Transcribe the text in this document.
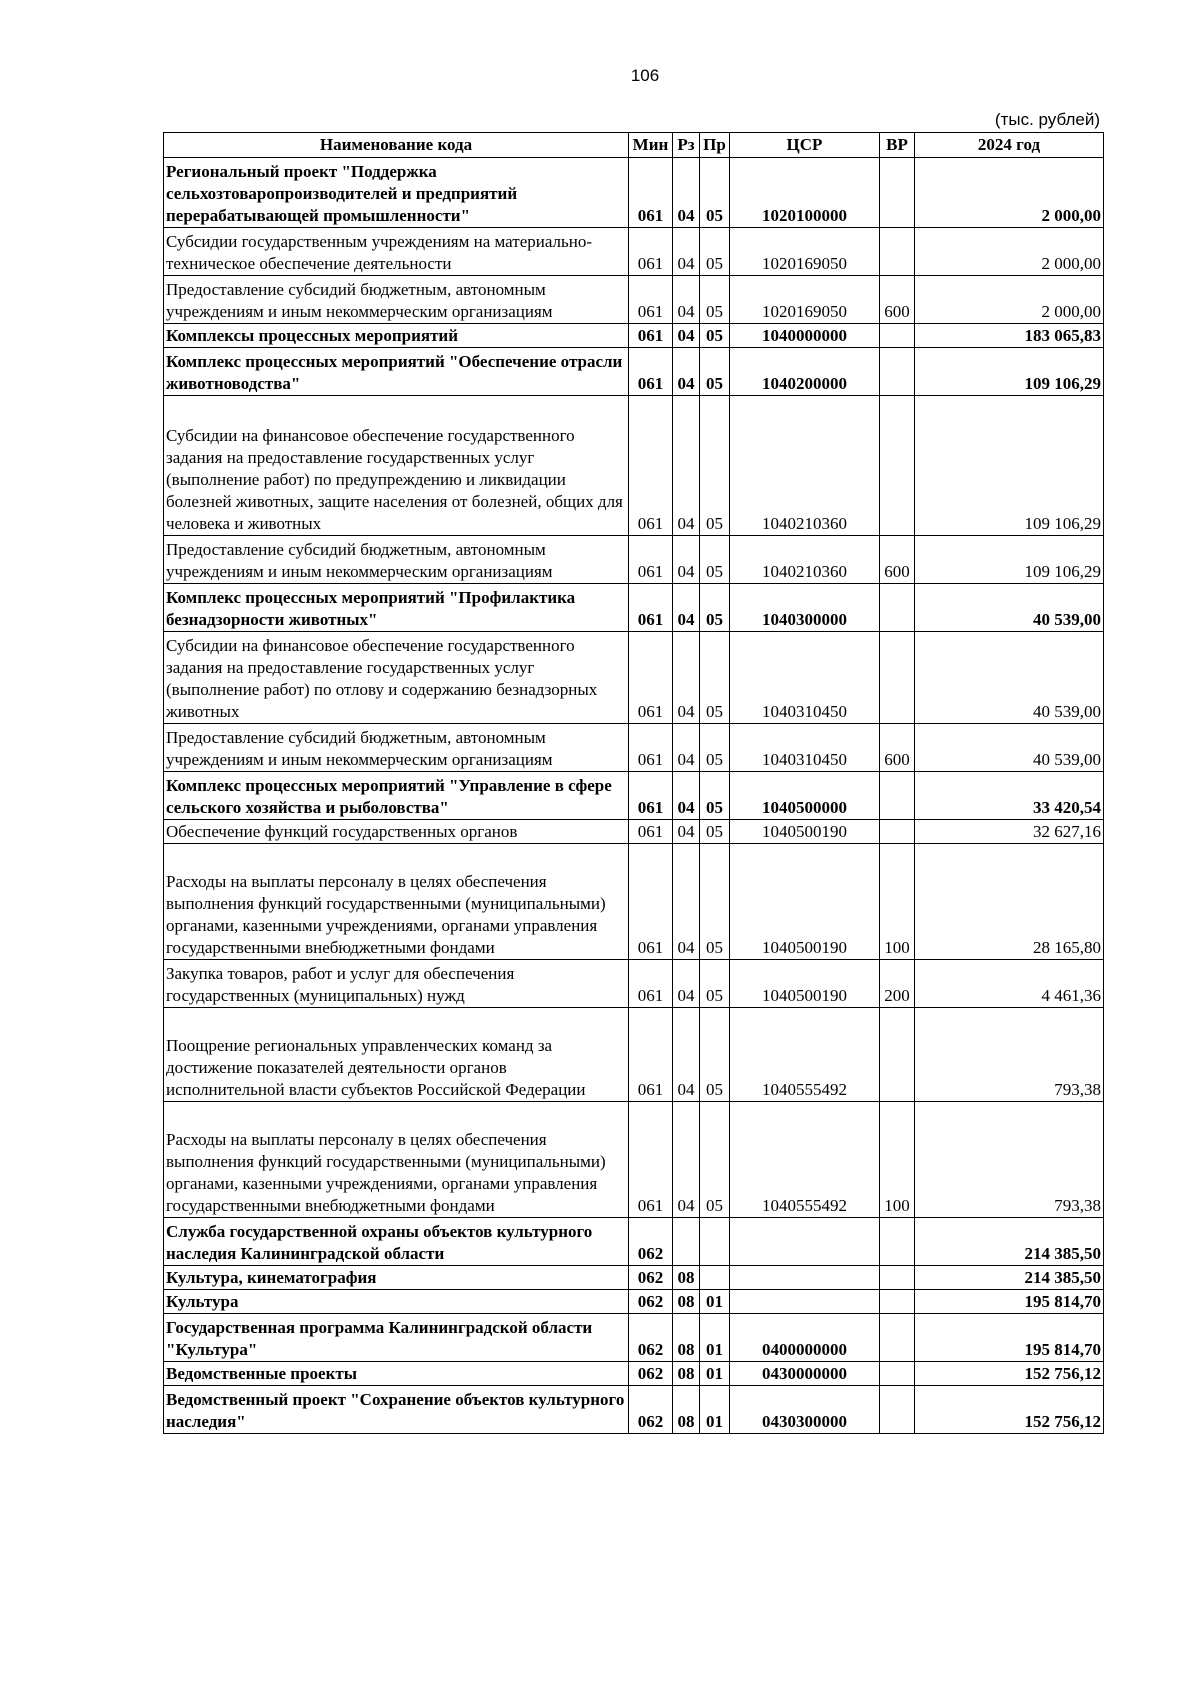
106
(тыс. рублей)
Наименование кода	Мин	Рз	Пр	ЦСР	ВР	2024 год
Региональный проект "Поддержка сельхозтоваропроизводителей и предприятий перерабатывающей промышленности"	061	04	05	1020100000		2 000,00
Субсидии государственным учреждениям на материально-техническое обеспечение деятельности	061	04	05	1020169050		2 000,00
Предоставление субсидий бюджетным, автономным учреждениям и иным некоммерческим организациям	061	04	05	1020169050	600	2 000,00
Комплексы процессных мероприятий	061	04	05	1040000000		183 065,83
Комплекс процессных мероприятий "Обеспечение отрасли животноводства"	061	04	05	1040200000		109 106,29
Субсидии на финансовое обеспечение государственного задания на предоставление государственных услуг (выполнение работ) по предупреждению и ликвидации болезней животных, защите населения от болезней, общих для человека и животных	061	04	05	1040210360		109 106,29
Предоставление субсидий бюджетным, автономным учреждениям и иным некоммерческим организациям	061	04	05	1040210360	600	109 106,29
Комплекс процессных мероприятий "Профилактика безнадзорности животных"	061	04	05	1040300000		40 539,00
Субсидии на финансовое обеспечение государственного задания на предоставление государственных услуг (выполнение работ) по отлову и содержанию безнадзорных животных	061	04	05	1040310450		40 539,00
Предоставление субсидий бюджетным, автономным учреждениям и иным некоммерческим организациям	061	04	05	1040310450	600	40 539,00
Комплекс процессных мероприятий "Управление в сфере сельского хозяйства и рыболовства"	061	04	05	1040500000		33 420,54
Обеспечение функций государственных органов	061	04	05	1040500190		32 627,16
Расходы на выплаты персоналу в целях обеспечения выполнения функций государственными (муниципальными) органами, казенными учреждениями, органами управления государственными внебюджетными фондами	061	04	05	1040500190	100	28 165,80
Закупка товаров, работ и услуг для обеспечения государственных (муниципальных) нужд	061	04	05	1040500190	200	4 461,36
Поощрение региональных управленческих команд за достижение показателей деятельности органов исполнительной власти субъектов Российской Федерации	061	04	05	1040555492		793,38
Расходы на выплаты персоналу в целях обеспечения выполнения функций государственными (муниципальными) органами, казенными учреждениями, органами управления государственными внебюджетными фондами	061	04	05	1040555492	100	793,38
Служба государственной охраны объектов культурного наследия Калининградской области	062					214 385,50
Культура, кинематография	062	08				214 385,50
Культура	062	08	01			195 814,70
Государственная программа Калининградской области "Культура"	062	08	01	0400000000		195 814,70
Ведомственные проекты	062	08	01	0430000000		152 756,12
Ведомственный проект "Сохранение объектов культурного наследия"	062	08	01	0430300000		152 756,12
